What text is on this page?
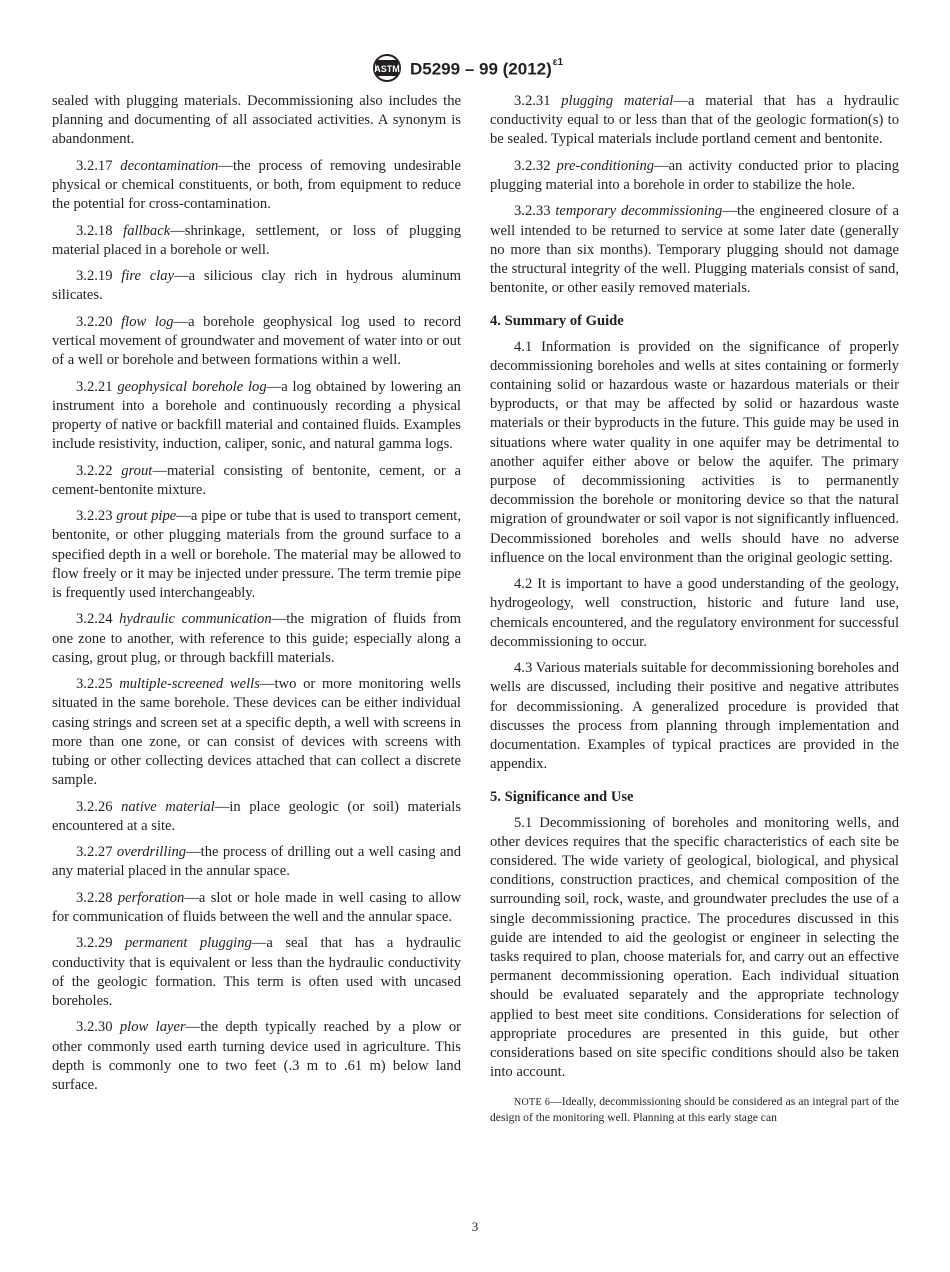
ASTM D5299 – 99 $(2012)^{\varepsilon 1}$

sealed with plugging materials. Decommissioning also includes the planning and documenting of all associated activities. A synonym is abandonment.

3.2.17 decontamination—the process of removing undesirable physical or chemical constituents, or both, from equipment to reduce the potential for cross-contamination.

3.2.18 fallback—shrinkage, settlement, or loss of plugging material placed in a borehole or well.

3.2.19 fire clay—a silicious clay rich in hydrous aluminum silicates.

3.2.20 flow log—a borehole geophysical log used to record vertical movement of groundwater and movement of water into or out of a well or borehole and between formations within a well.

3.2.21 geophysical borehole log—a log obtained by lowering an instrument into a borehole and continuously recording a physical property of native or backfill material and contained fluids. Examples include resistivity, induction, caliper, sonic, and natural gamma logs.

3.2.22 grout—material consisting of bentonite, cement, or a cement-bentonite mixture.

3.2.23 grout pipe—a pipe or tube that is used to transport cement, bentonite, or other plugging materials from the ground surface to a specified depth in a well or borehole. The material may be allowed to flow freely or it may be injected under pressure. The term tremie pipe is frequently used interchangeably.

3.2.24 hydraulic communication—the migration of fluids from one zone to another, with reference to this guide; especially along a casing, grout plug, or through backfill materials.

3.2.25 multiple-screened wells—two or more monitoring wells situated in the same borehole. These devices can be either individual casing strings and screen set at a specific depth, a well with screens in more than one zone, or can consist of devices with screens with tubing or other collecting devices attached that can collect a discrete sample.

3.2.26 native material—in place geologic (or soil) materials encountered at a site.

3.2.27 overdrilling—the process of drilling out a well casing and any material placed in the annular space.

3.2.28 perforation—a slot or hole made in well casing to allow for communication of fluids between the well and the annular space.

3.2.29 permanent plugging—a seal that has a hydraulic conductivity that is equivalent or less than the hydraulic conductivity of the geologic formation. This term is often used with uncased boreholes.

3.2.30 plow layer—the depth typically reached by a plow or other commonly used earth turning device used in agriculture. This depth is commonly one to two feet (.3 m to .61 m) below land surface.

3.2.31 plugging material—a material that has a hydraulic conductivity equal to or less than that of the geologic formation(s) to be sealed. Typical materials include portland cement and bentonite.

3.2.32 pre-conditioning—an activity conducted prior to placing plugging material into a borehole in order to stabilize the hole.

3.2.33 temporary decommissioning—the engineered closure of a well intended to be returned to service at some later date (generally no more than six months). Temporary plugging should not damage the structural integrity of the well. Plugging materials consist of sand, bentonite, or other easily removed materials.

4. Summary of Guide

4.1 Information is provided on the significance of properly decommissioning boreholes and wells at sites containing or formerly containing solid or hazardous waste or hazardous materials or their byproducts, or that may be affected by solid or hazardous waste materials or their byproducts in the future. This guide may be used in situations where water quality in one aquifer may be detrimental to another aquifer either above or below the aquifer. The primary purpose of decommissioning activities is to permanently decommission the borehole or monitoring device so that the natural migration of groundwater or soil vapor is not significantly influenced. Decommissioned boreholes and wells should have no adverse influence on the local environment than the original geologic setting.

4.2 It is important to have a good understanding of the geology, hydrogeology, well construction, historic and future land use, chemicals encountered, and the regulatory environment for successful decommissioning to occur.

4.3 Various materials suitable for decommissioning boreholes and wells are discussed, including their positive and negative attributes for decommissioning. A generalized procedure is provided that discusses the process from planning through implementation and documentation. Examples of typical practices are provided in the appendix.

5. Significance and Use

5.1 Decommissioning of boreholes and monitoring wells, and other devices requires that the specific characteristics of each site be considered. The wide variety of geological, biological, and physical conditions, construction practices, and chemical composition of the surrounding soil, rock, waste, and groundwater precludes the use of a single decommissioning practice. The procedures discussed in this guide are intended to aid the geologist or engineer in selecting the tasks required to plan, choose materials for, and carry out an effective permanent decommissioning operation. Each individual situation should be evaluated separately and the appropriate technology applied to best meet site conditions. Considerations for selection of appropriate procedures are presented in this guide, but other considerations based on site specific conditions should also be taken into account.

NOTE 6—Ideally, decommissioning should be considered as an integral part of the design of the monitoring well. Planning at this early stage can

3
